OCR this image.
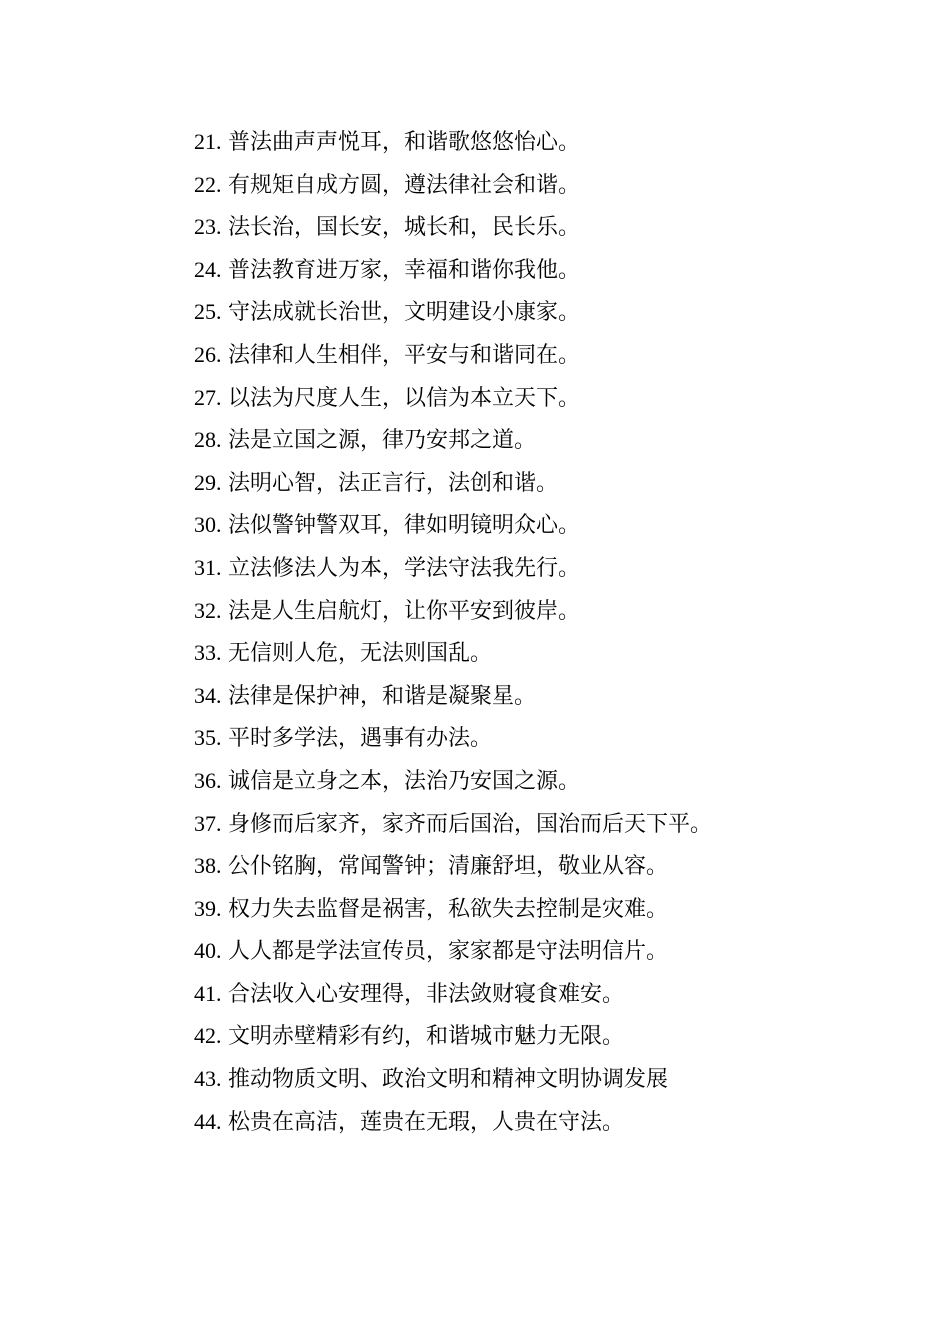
21. 普法曲声声悦耳，和谐歌悠悠怡心。
22. 有规矩自成方圆，遵法律社会和谐。
23. 法长治，国长安，城长和，民长乐。
24. 普法教育进万家，幸福和谐你我他。
25. 守法成就长治世，文明建设小康家。
26. 法律和人生相伴，平安与和谐同在。
27. 以法为尺度人生，以信为本立天下。
28. 法是立国之源，律乃安邦之道。
29. 法明心智，法正言行，法创和谐。
30. 法似警钟警双耳，律如明镜明众心。
31. 立法修法人为本，学法守法我先行。
32. 法是人生启航灯，让你平安到彼岸。
33. 无信则人危，无法则国乱。
34. 法律是保护神，和谐是凝聚星。
35. 平时多学法，遇事有办法。
36. 诚信是立身之本，法治乃安国之源。
37. 身修而后家齐，家齐而后国治，国治而后天下平。
38. 公仆铭胸，常闻警钟；清廉舒坦，敬业从容。
39. 权力失去监督是祸害，私欲失去控制是灾难。
40. 人人都是学法宣传员，家家都是守法明信片。
41. 合法收入心安理得，非法敛财寝食难安。
42. 文明赤壁精彩有约，和谐城市魅力无限。
43. 推动物质文明、政治文明和精神文明协调发展
44. 松贵在高洁，莲贵在无瑕，人贵在守法。
